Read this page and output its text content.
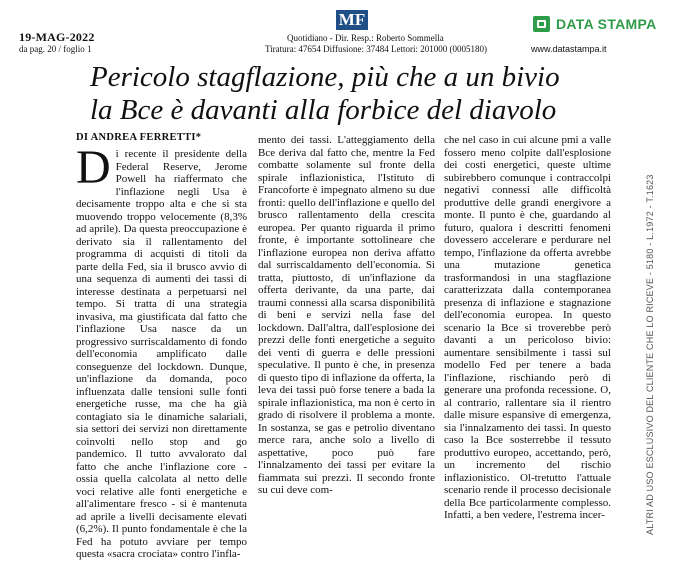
19-MAG-2022
da pag. 20 / foglio 1
MF
Quotidiano - Dir. Resp.: Roberto Sommella
Tiratura: 47654 Diffusione: 37484 Lettori: 201000 (0005180)
DATA STAMPA
www.datastampa.it
Pericolo stagflazione, più che a un bivio
la Bce è davanti alla forbice del diavolo
DI ANDREA FERRETTI*
D i recente il presidente della Federal Reserve, Jerome Powell ha riaffermato che l'inflazione negli Usa è decisamente troppo alta e che si sta muovendo troppo velocemente (8,3% ad aprile). Da questa preoccupazione è derivato sia il rallentamento del programma di acquisti di titoli da parte della Fed, sia il brusco avvio di una sequenza di aumenti dei tassi di interesse destinata a perpetuarsi nel tempo. Si tratta di una strategia invasiva, ma giustificata dal fatto che l'inflazione Usa nasce da un progressivo surriscaldamento di fondo dell'economia amplificato dalle conseguenze del lockdown. Dunque, un'inflazione da domanda, poco influenzata dalle tensioni sulle fonti energetiche russe, ma che ha già contagiato sia le dinamiche salariali, sia settori dei servizi non direttamente coinvolti nello stop and go pandemico. Il tutto avvalorato dal fatto che anche l'inflazione core - ossia quella calcolata al netto delle voci relative alle fonti energetiche e all'alimentare fresco - si è mantenuta ad aprile a livelli decisamente elevati (6,2%). Il punto fondamentale è che la Fed ha potuto avviare per tempo questa «sacra crociata» contro l'infla-

mento dei tassi. L'atteggiamento della Bce deriva dal fatto che, mentre la Fed combatte solamente sul fronte della spirale inflazionistica, l'Istituto di Francoforte è impegnato almeno su due fronti: quello dell'inflazione e quello del brusco rallentamento della crescita europea. Per quanto riguarda il primo fronte, è importante sottolineare che l'inflazione europea non deriva affatto dal surriscaldamento dell'economia. Si tratta, piuttosto, di un'inflazione da offerta derivante, da una parte, dai traumi connessi alla scarsa disponibilità di beni e servizi nella fase del lockdown. Dall'altra, dall'esplosione dei prezzi delle fonti energetiche a seguito dei venti di guerra e delle pressioni speculative. Il punto è che, in presenza di questo tipo di inflazione da offerta, la leva dei tassi può forse tenere a bada la spirale inflazionistica, ma non è certo in grado di risolvere il problema a monte. In sostanza, se gas e petrolio diventano merce rara, anche solo a livello di aspettative, poco può fare l'innalzamento dei tassi per evitare la fiammata sui prezzi. Il secondo fronte su cui deve com-

che nel caso in cui alcune pmi a valle fossero meno colpite dall'esplosione dei costi energetici, queste ultime subirebbero comunque i contraccolpi negativi connessi alle difficoltà produttive delle grandi energivore a monte. Il punto è che, guardando al futuro, qualora i descritti fenomeni dovessero accelerare e perdurare nel tempo, l'inflazione da offerta avrebbe una mutazione genetica trasformandosi in una stagflazione caratterizzata dalla contemporanea presenza di inflazione e stagnazione dell'economia europea. In questo scenario la Bce si troverebbe però davanti a un pericoloso bivio: aumentare sensibilmente i tassi sul modello Fed per tenere a bada l'inflazione, rischiando però di generare una profonda recessione. O, al contrario, rallentare sia il rientro dalle misure espansive di emergenza, sia l'innalzamento dei tassi. In questo caso la Bce sosterrebbe il tessuto produttivo europeo, accettando, però, un incremento del rischio inflazionistico. Ol-tretutto l'attuale scenario rende il processo decisionale della Bce particolarmente complesso. Infatti, a ben vedere, l'estrema incer-	ALTRI AD USO ESCLUSIVO DEL CLIENTE CHE LO RICEVE - 5180 - L.1972 - T.1623
